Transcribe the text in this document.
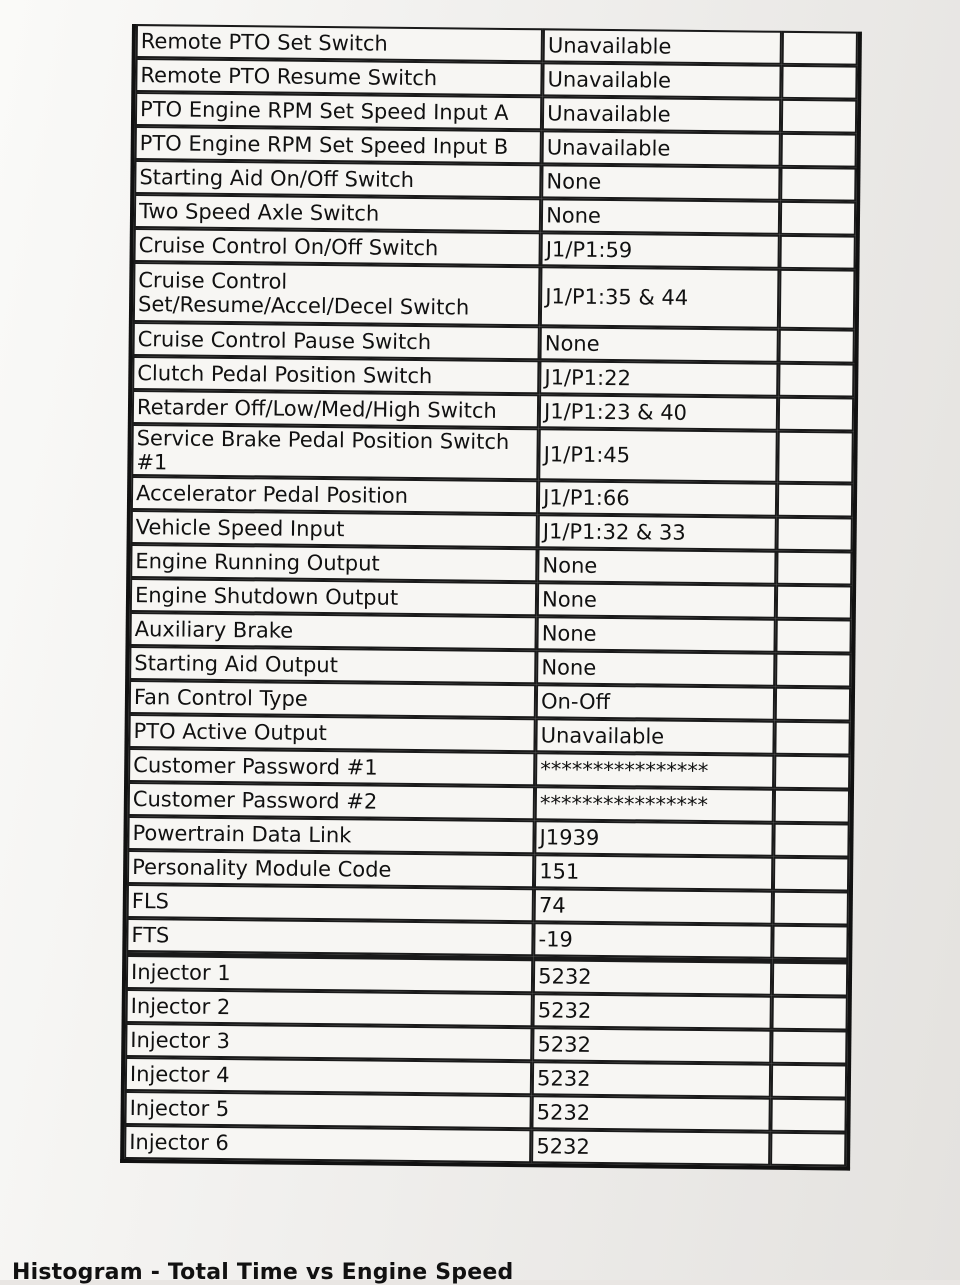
Remote PTO Set Switch	Unavailable	
Remote PTO Resume Switch	Unavailable	
PTO Engine RPM Set Speed Input A	Unavailable	
PTO Engine RPM Set Speed Input B	Unavailable	
Starting Aid On/Off Switch	None	
Two Speed Axle Switch	None	
Cruise Control On/Off Switch	J1/P1:59	
Cruise Control Set/Resume/Accel/Decel Switch	J1/P1:35 & 44	
Cruise Control Pause Switch	None	
Clutch Pedal Position Switch	J1/P1:22	
Retarder Off/Low/Med/High Switch	J1/P1:23 & 40	
Service Brake Pedal Position Switch #1	J1/P1:45	
Accelerator Pedal Position	J1/P1:66	
Vehicle Speed Input	J1/P1:32 & 33	
Engine Running Output	None	
Engine Shutdown Output	None	
Auxiliary Brake	None	
Starting Aid Output	None	
Fan Control Type	On-Off	
PTO Active Output	Unavailable	
Customer Password #1	****************	
Customer Password #2	****************	
Powertrain Data Link	J1939	
Personality Module Code	151	
FLS	74	
FTS	-19	
Injector 1	5232	
Injector 2	5232	
Injector 3	5232	
Injector 4	5232	
Injector 5	5232	
Injector 6	5232	
Histogram - Total Time vs Engine Speed
